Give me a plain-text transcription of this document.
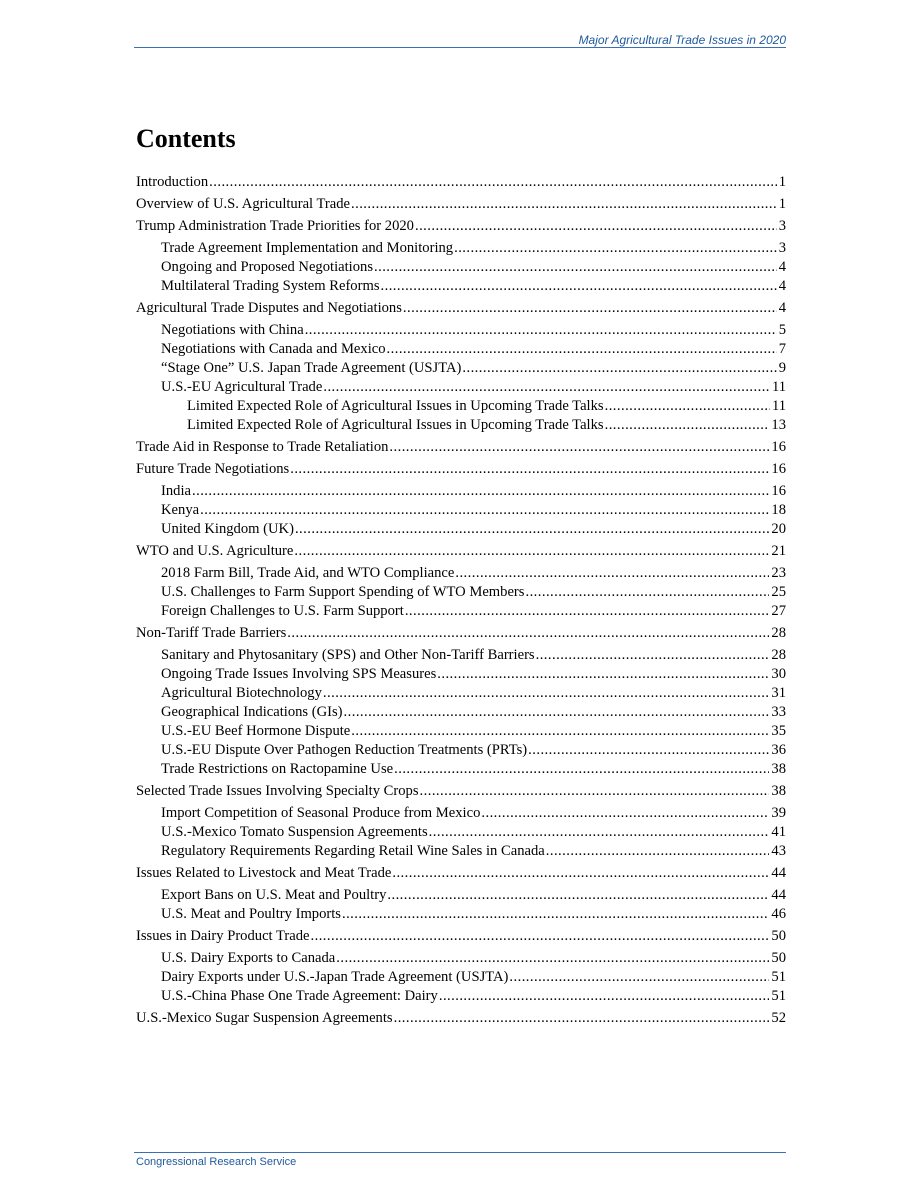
Major Agricultural Trade Issues in 2020
Contents
Introduction . . .	1
Overview of U.S. Agricultural Trade . . .	1
Trump Administration Trade Priorities for 2020 . . .	3
Trade Agreement Implementation and Monitoring . . .	3
Ongoing and Proposed Negotiations . . .	4
Multilateral Trading System Reforms . . .	4
Agricultural Trade Disputes and Negotiations . . .	4
Negotiations with China . . .	5
Negotiations with Canada and Mexico . . .	7
“Stage One” U.S. Japan Trade Agreement (USJTA) . . .	9
U.S.-EU Agricultural Trade . . .	11
Limited Expected Role of Agricultural Issues in Upcoming Trade Talks . . .	11
Limited Expected Role of Agricultural Issues in Upcoming Trade Talks . . .	13
Trade Aid in Response to Trade Retaliation . . .	16
Future Trade Negotiations . . .	16
India . . .	16
Kenya . . .	18
United Kingdom (UK) . . .	20
WTO and U.S. Agriculture . . .	21
2018 Farm Bill, Trade Aid, and WTO Compliance . . .	23
U.S. Challenges to Farm Support Spending of WTO Members . . .	25
Foreign Challenges to U.S. Farm Support . . .	27
Non-Tariff Trade Barriers . . .	28
Sanitary and Phytosanitary (SPS) and Other Non-Tariff Barriers . . .	28
Ongoing Trade Issues Involving SPS Measures . . .	30
Agricultural Biotechnology . . .	31
Geographical Indications (GIs) . . .	33
U.S.-EU Beef Hormone Dispute . . .	35
U.S.-EU Dispute Over Pathogen Reduction Treatments (PRTs) . . .	36
Trade Restrictions on Ractopamine Use . . .	38
Selected Trade Issues Involving Specialty Crops . . .	38
Import Competition of Seasonal Produce from Mexico . . .	39
U.S.-Mexico Tomato Suspension Agreements . . .	41
Regulatory Requirements Regarding Retail Wine Sales in Canada . . .	43
Issues Related to Livestock and Meat Trade . . .	44
Export Bans on U.S. Meat and Poultry . . .	44
U.S. Meat and Poultry Imports . . .	46
Issues in Dairy Product Trade . . .	50
U.S. Dairy Exports to Canada . . .	50
Dairy Exports under U.S.-Japan Trade Agreement (USJTA) . . .	51
U.S.-China Phase One Trade Agreement: Dairy . . .	51
U.S.-Mexico Sugar Suspension Agreements . . .	52
Congressional Research Service
